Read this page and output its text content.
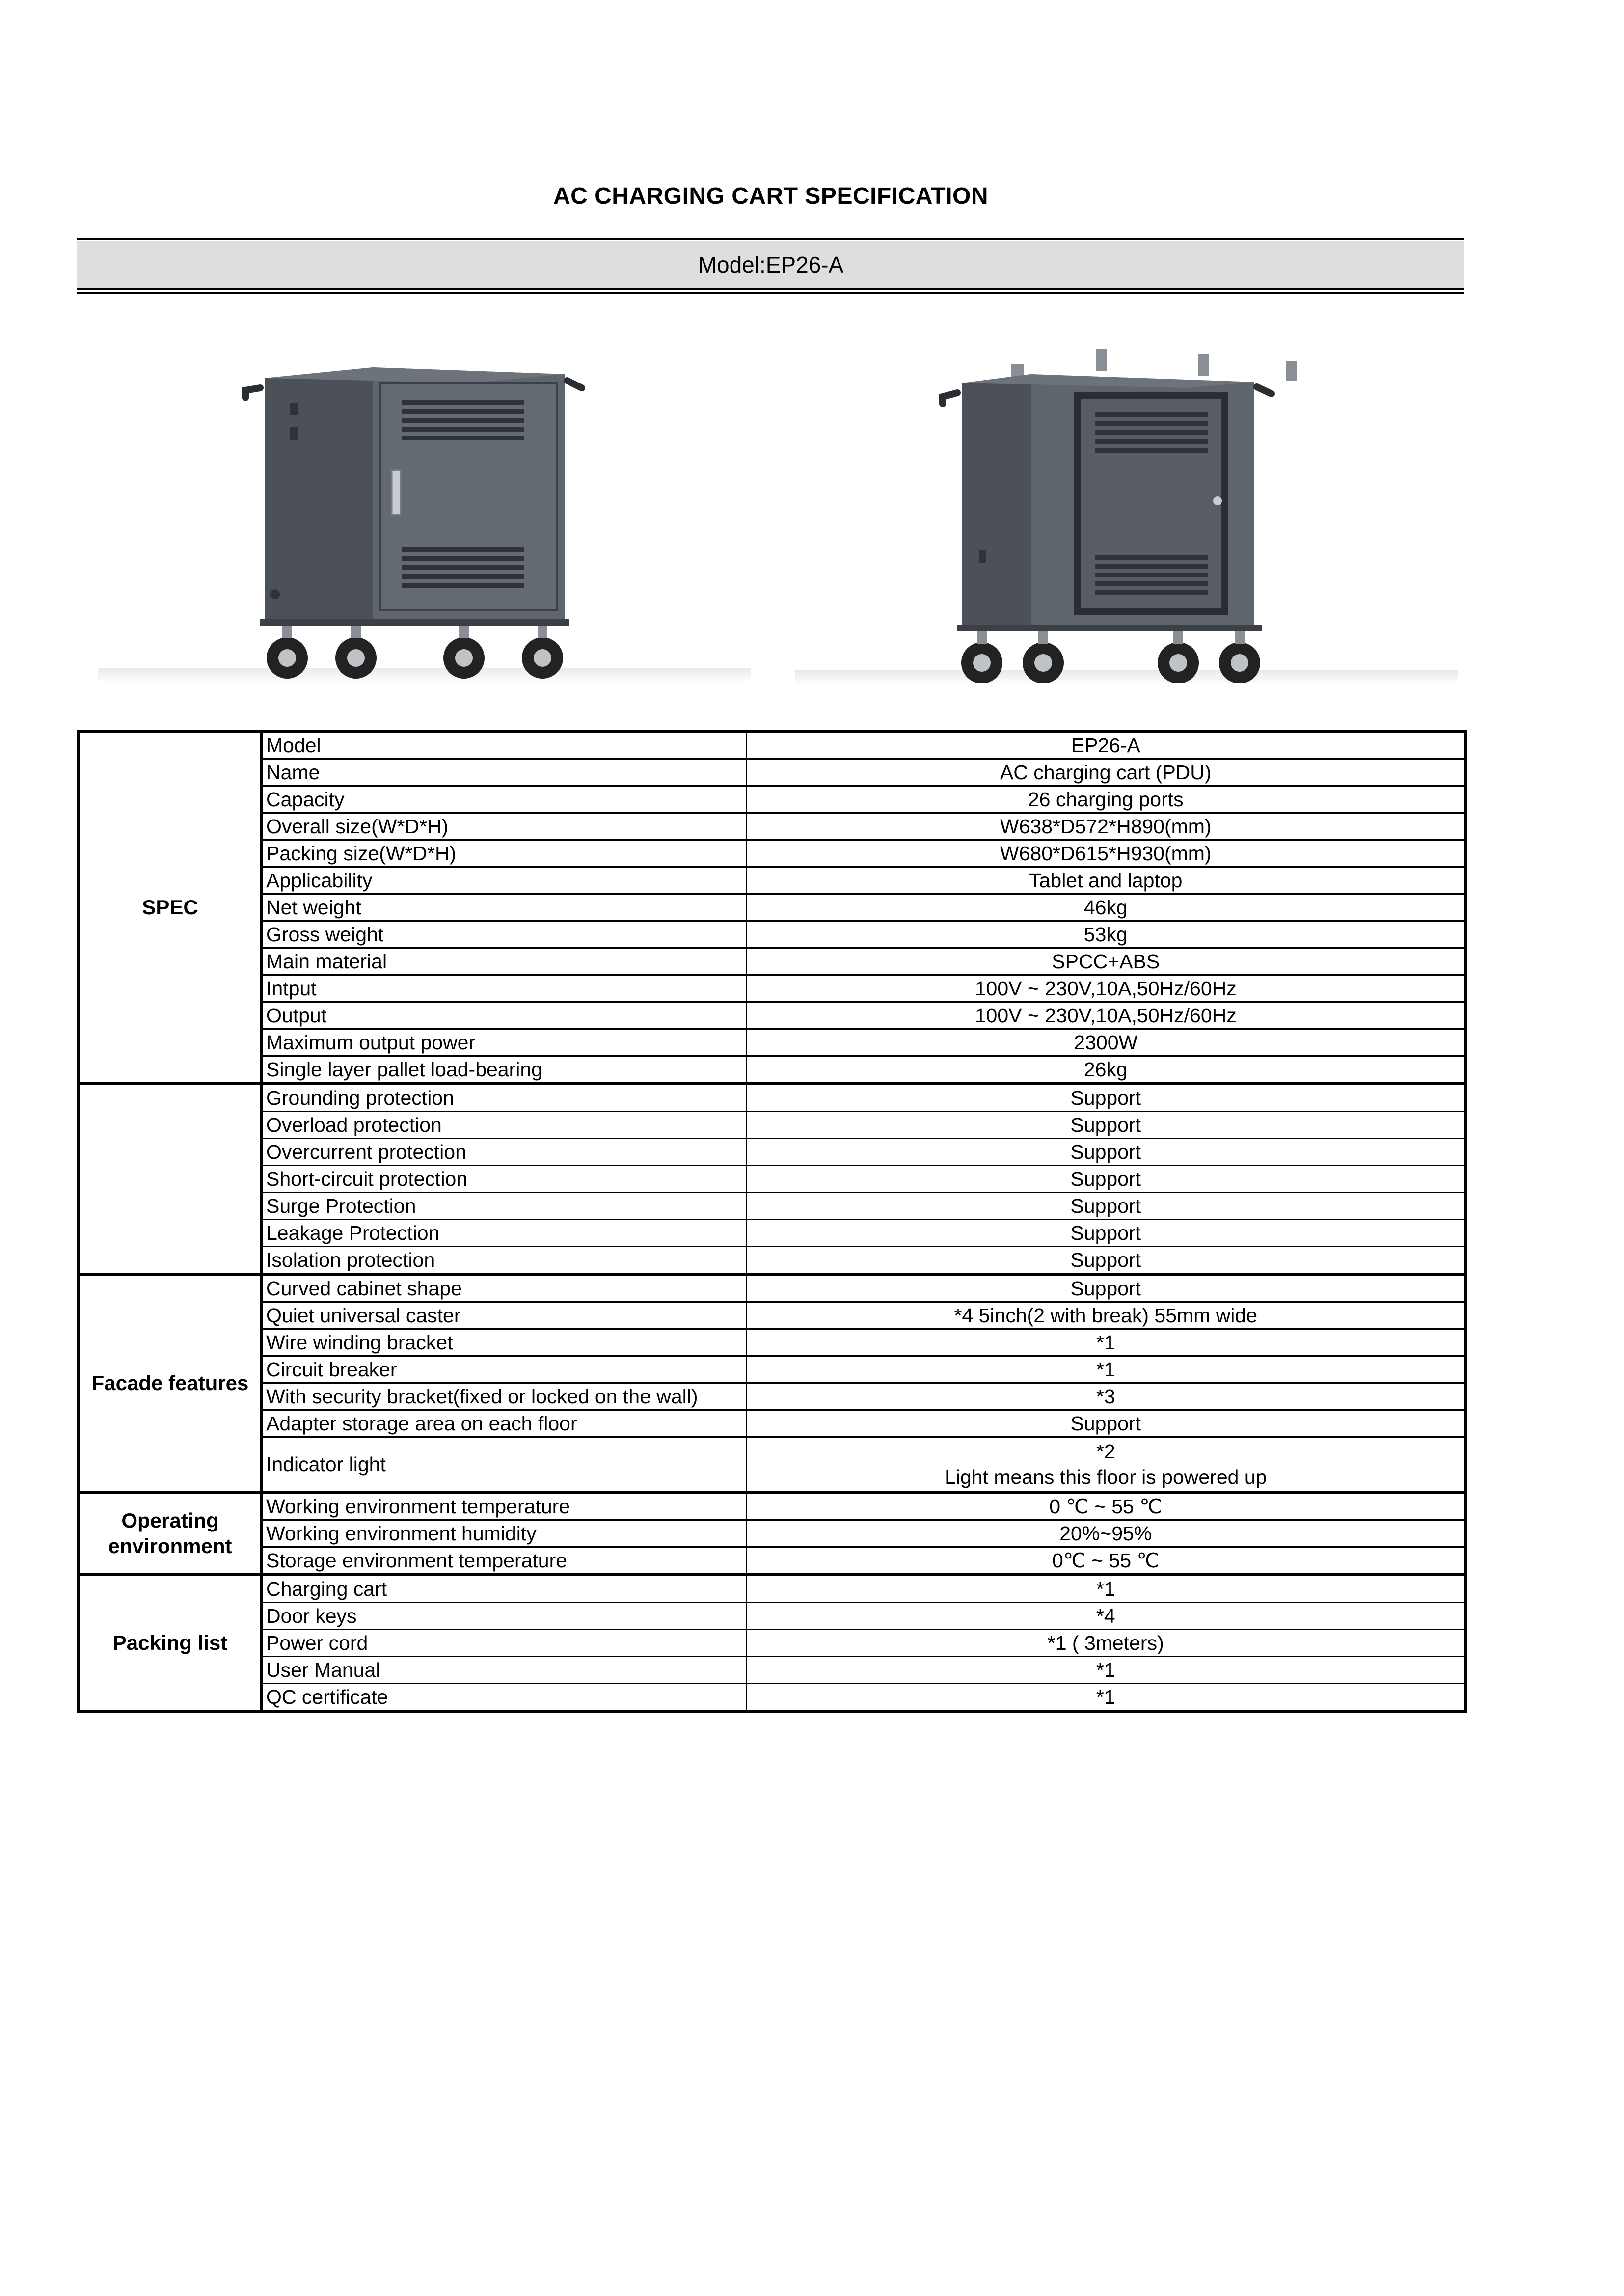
AC CHARGING CART SPECIFICATION
Model:EP26-A
SPEC	Model	EP26-A
	Name	AC charging cart (PDU)
	Capacity	26 charging ports
	Overall size(W*D*H)	W638*D572*H890(mm)
	Packing size(W*D*H)	W680*D615*H930(mm)
	Applicability	Tablet and laptop
	Net weight	46kg
	Gross weight	53kg
	Main material	SPCC+ABS
	Intput	100V ~ 230V,10A,50Hz/60Hz
	Output	100V ~ 230V,10A,50Hz/60Hz
	Maximum output power	2300W
	Single layer pallet load-bearing	26kg
	Grounding protection	Support
	Overload protection	Support
	Overcurrent protection	Support
	Short-circuit protection	Support
	Surge Protection	Support
	Leakage Protection	Support
	Isolation protection	Support
Facade features	Curved cabinet shape	Support
	Quiet universal caster	*4 5inch(2 with break) 55mm wide
	Wire winding bracket	*1
	Circuit breaker	*1
	With security bracket(fixed or locked on the wall)	*3
	Adapter storage area on each floor	Support
	Indicator light	*2
Light means this floor is powered up

Operating environment	Working environment temperature	0 ℃ ~ 55 ℃
	Working environment humidity	20%~95%
	Storage environment temperature	0℃ ~ 55 ℃
Packing list	Charging cart	*1
	Door keys	*4
	Power cord	*1 ( 3meters)
	User Manual	*1
	QC certificate	*1
